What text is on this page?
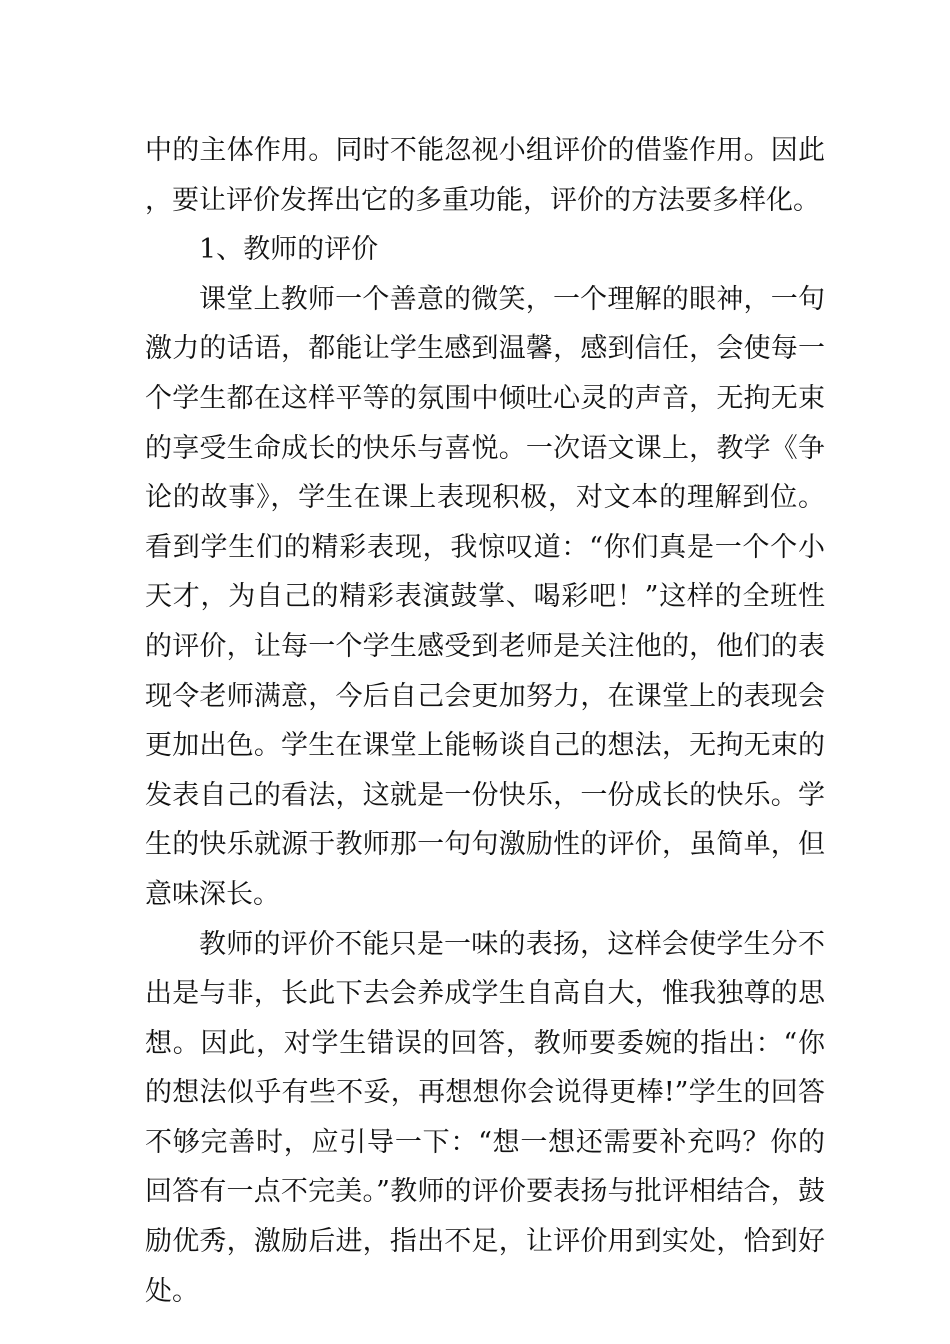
中的主体作用。同时不能忽视小组评价的借鉴作用。因此，要让评价发挥出它的多重功能，评价的方法要多样化。

1、教师的评价

课堂上教师一个善意的微笑，一个理解的眼神，一句激力的话语，都能让学生感到温馨，感到信任，会使每一个学生都在这样平等的氛围中倾吐心灵的声音，无拘无束的享受生命成长的快乐与喜悦。一次语文课上，教学《争论的故事》，学生在课上表现积极，对文本的理解到位。看到学生们的精彩表现，我惊叹道：“你们真是一个个小天才，为自己的精彩表演鼓掌、喝彩吧！”这样的全班性的评价，让每一个学生感受到老师是关注他的，他们的表现令老师满意，今后自己会更加努力，在课堂上的表现会更加出色。学生在课堂上能畅谈自己的想法，无拘无束的发表自己的看法，这就是一份快乐，一份成长的快乐。学生的快乐就源于教师那一句句激励性的评价，虽简单，但意味深长。

教师的评价不能只是一味的表扬，这样会使学生分不出是与非，长此下去会养成学生自高自大，惟我独尊的思想。因此，对学生错误的回答，教师要委婉的指出：“你的想法似乎有些不妥，再想想你会说得更棒!”学生的回答不够完善时，应引导一下：“想一想还需要补充吗？你的回答有一点不完美。”教师的评价要表扬与批评相结合，鼓励优秀，激励后进，指出不足，让评价用到实处，恰到好处。
